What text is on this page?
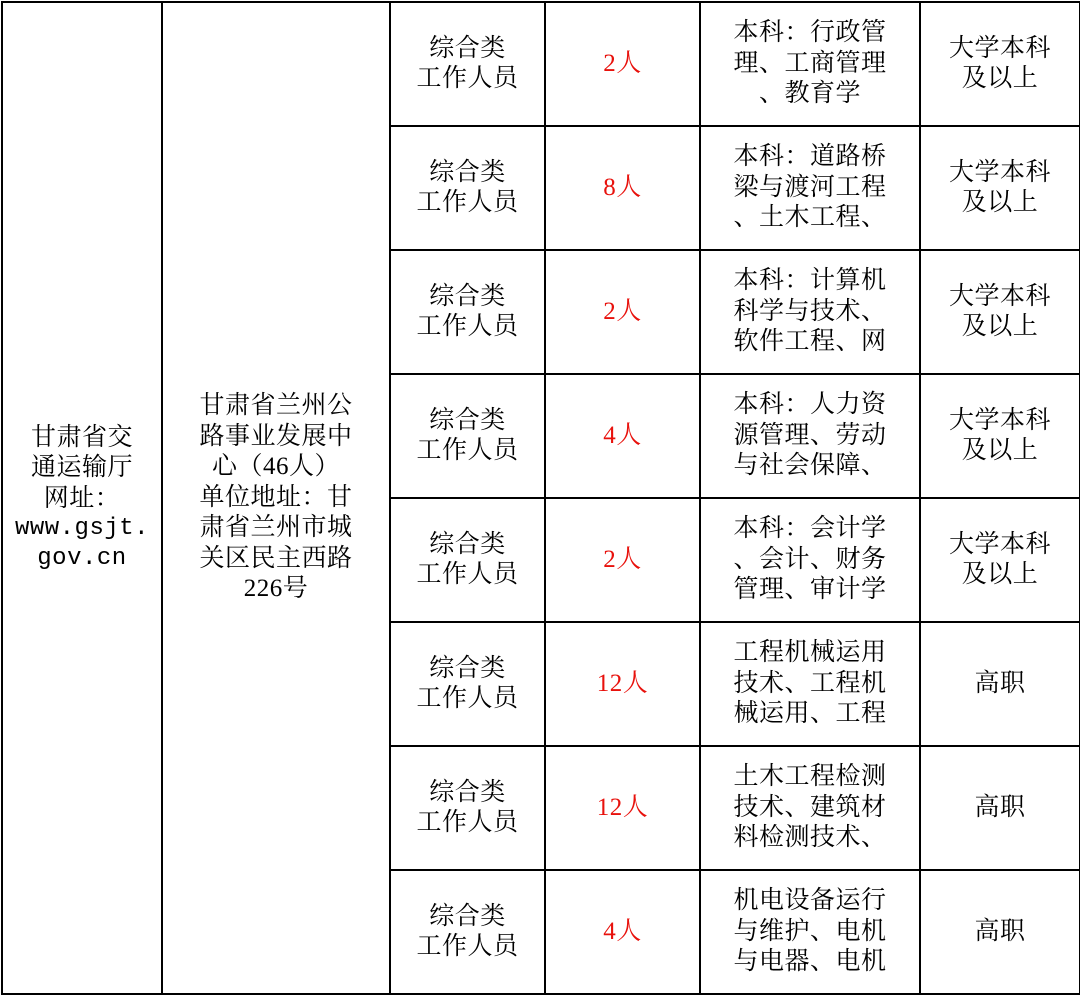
甘肃省交
通运输厅
网址：
www.gsjt.
gov.cn

甘肃省兰州公
路事业发展中
心（46人）
单位地址：甘
肃省兰州市城
关区民主西路
226号

综合类
工作人员
	2人	
本科：行政管
理、工商管理
、教育学

大学本科
及以上

		综合类
工作人员	8人	本科：道路桥
梁与渡河工程
、土木工程、	大学本科
及以上

		综合类
工作人员	2人	本科：计算机
科学与技术、
软件工程、网	大学本科
及以上

		综合类
工作人员	4人	本科：人力资
源管理、劳动
与社会保障、	大学本科
及以上

		综合类
工作人员	2人	本科：会计学
、会计、财务
管理、审计学	大学本科
及以上

		综合类
工作人员	12人	工程机械运用
技术、工程机
械运用、工程	高职

		综合类
工作人员	12人	土木工程检测
技术、建筑材
料检测技术、	高职

		综合类
工作人员	4人	机电设备运行
与维护、电机
与电器、电机	高职
